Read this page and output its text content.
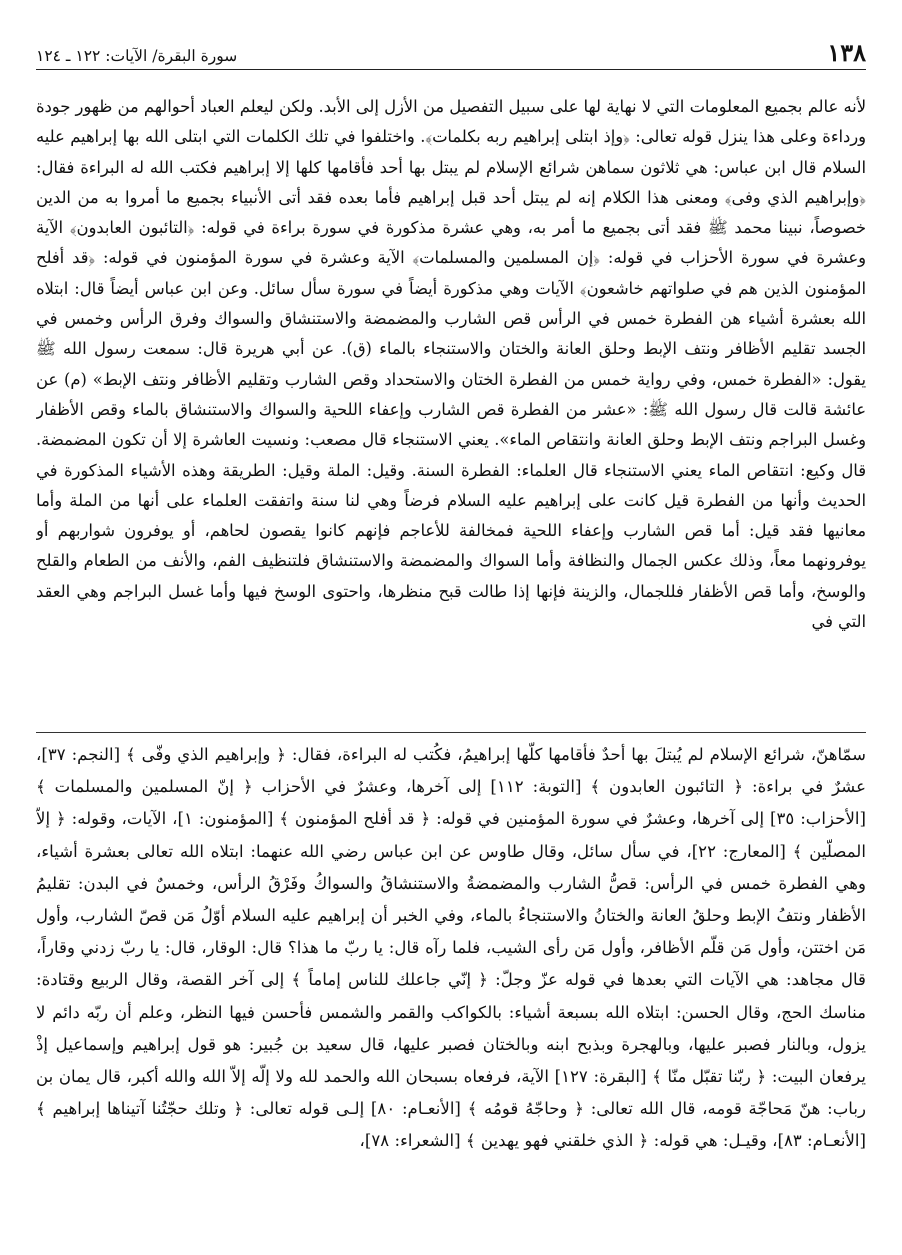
١٣٨
سورة البقرة/ الآيات: ١٢٢ ـ ١٢٤

لأنه عالم بجميع المعلومات التي لا نهاية لها على سبيل التفصيل من الأزل إلى الأبد. ولكن ليعلم العباد أحوالهم من ظهور جودة ورداءة وعلى هذا ينزل قوله تعالى: ﴿وإذ ابتلى إبراهيم ربه بكلمات﴾. واختلفوا في تلك الكلمات التي ابتلى الله بها إبراهيم عليه السلام قال ابن عباس: هي ثلاثون سماهن شرائع الإسلام لم يبتل بها أحد فأقامها كلها إلا إبراهيم فكتب الله له البراءة فقال: ﴿وإبراهيم الذي وفى﴾ ومعنى هذا الكلام إنه لم يبتل أحد قبل إبراهيم فأما بعده فقد أتى الأنبياء بجميع ما أمروا به من الدين خصوصاً، نبينا محمد ﷺ فقد أتى بجميع ما أمر به، وهي عشرة مذكورة في سورة براءة في قوله: ﴿التائبون العابدون﴾ الآية وعشرة في سورة الأحزاب في قوله: ﴿إن المسلمين والمسلمات﴾ الآية وعشرة في سورة المؤمنون في قوله: ﴿قد أفلح المؤمنون الذين هم في صلواتهم خاشعون﴾ الآيات وهي مذكورة أيضاً في سورة سأل سائل. وعن ابن عباس أيضاً قال: ابتلاه الله بعشرة أشياء هن الفطرة خمس في الرأس قص الشارب والمضمضة والاستنشاق والسواك وفرق الرأس وخمس في الجسد تقليم الأظافر ونتف الإبط وحلق العانة والختان والاستنجاء بالماء (ق). عن أبي هريرة قال: سمعت رسول الله ﷺ يقول: «الفطرة خمس، وفي رواية خمس من الفطرة الختان والاستحداد وقص الشارب وتقليم الأظافر ونتف الإبط» (م) عن عائشة قالت قال رسول الله ﷺ: «عشر من الفطرة قص الشارب وإعفاء اللحية والسواك والاستنشاق بالماء وقص الأظفار وغسل البراجم ونتف الإبط وحلق العانة وانتقاص الماء». يعني الاستنجاء قال مصعب: ونسيت العاشرة إلا أن تكون المضمضة. قال وكيع: انتقاص الماء يعني الاستنجاء قال العلماء: الفطرة السنة. وقيل: الملة وقيل: الطريقة وهذه الأشياء المذكورة في الحديث وأنها من الفطرة قيل كانت على إبراهيم عليه السلام فرضاً وهي لنا سنة واتفقت العلماء على أنها من الملة وأما معانيها فقد قيل: أما قص الشارب وإعفاء اللحية فمخالفة للأعاجم فإنهم كانوا يقصون لحاهم، أو يوفرون شواربهم أو يوفرونهما معاً، وذلك عكس الجمال والنظافة وأما السواك والمضمضة والاستنشاق فلتنظيف الفم، والأنف من الطعام والقلح والوسخ، وأما قص الأظفار فللجمال، والزينة فإنها إذا طالت قبح منظرها، واحتوى الوسخ فيها وأما غسل البراجم وهي العقد التي في

سمّاهنّ، شرائع الإسلام لم يُبتلَ بها أحدٌ فأقامها كلّها إبراهيمُ، فكُتب له البراءة، فقال: ﴿ وإبراهيم الذي وفّى ﴾ [النجم: ٣٧]، عشرٌ في براءة: ﴿ التائبون العابدون ﴾ [التوبة: ١١٢] إلى آخرها، وعشرٌ في الأحزاب ﴿ إنّ المسلمين والمسلمات ﴾ [الأحزاب: ٣٥] إلى آخرها، وعشرٌ في سورة المؤمنين في قوله: ﴿ قد أفلح المؤمنون ﴾ [المؤمنون: ١]، الآيات، وقوله: ﴿ إلاّ المصلّين ﴾ [المعارج: ٢٢]، في سأل سائل، وقال طاوس عن ابن عباس رضي الله عنهما: ابتلاه الله تعالى بعشرة أشياء، وهي الفطرة خمس في الرأس: قصُّ الشارب والمضمضةُ والاستنشاقُ والسواكُ وفَرْقُ الرأس، وخمسٌ في البدن: تقليمُ الأظفار ونتفُ الإبط وحلقُ العانة والختانُ والاستنجاءُ بالماء، وفي الخبر أن إبراهيم عليه السلام أوّلُ مَن قصّ الشارب، وأول مَن اختتن، وأول مَن قلّم الأظافر، وأول مَن رأى الشيب، فلما رآه قال: يا ربّ ما هذا؟ قال: الوقار، قال: يا ربّ زدني وقاراً، قال مجاهد: هي الآيات التي بعدها في قوله عزّ وجلّ: ﴿ إنّي جاعلك للناس إماماً ﴾ إلى آخر القصة، وقال الربيع وقتادة: مناسك الحج، وقال الحسن: ابتلاه الله بسبعة أشياء: بالكواكب والقمر والشمس فأحسن فيها النظر، وعلم أن ربّه دائم لا يزول، وبالنار فصبر عليها، وبالهجرة وبذبح ابنه وبالختان فصبر عليها، قال سعيد بن جُبير: هو قول إبراهيم وإسماعيل إذْ يرفعان البيت: ﴿ ربّنا تقبّل منّا ﴾ [البقرة: ١٢٧] الآية، فرفعاه بسبحان الله والحمد لله ولا إلّه إلاّ الله والله أكبر، قال يمان بن رباب: هنّ مَحاجّة قومه، قال الله تعالى: ﴿ وحاجّهُ قومُه ﴾ [الأنعـام: ٨٠] إلـى قوله تعالى: ﴿ وتلك حجّتُنا آتيناها إبراهيم ﴾ [الأنعـام: ٨٣]، وقيـل: هي قوله: ﴿ الذي خلقني فهو يهدين ﴾ [الشعراء: ٧٨]،
